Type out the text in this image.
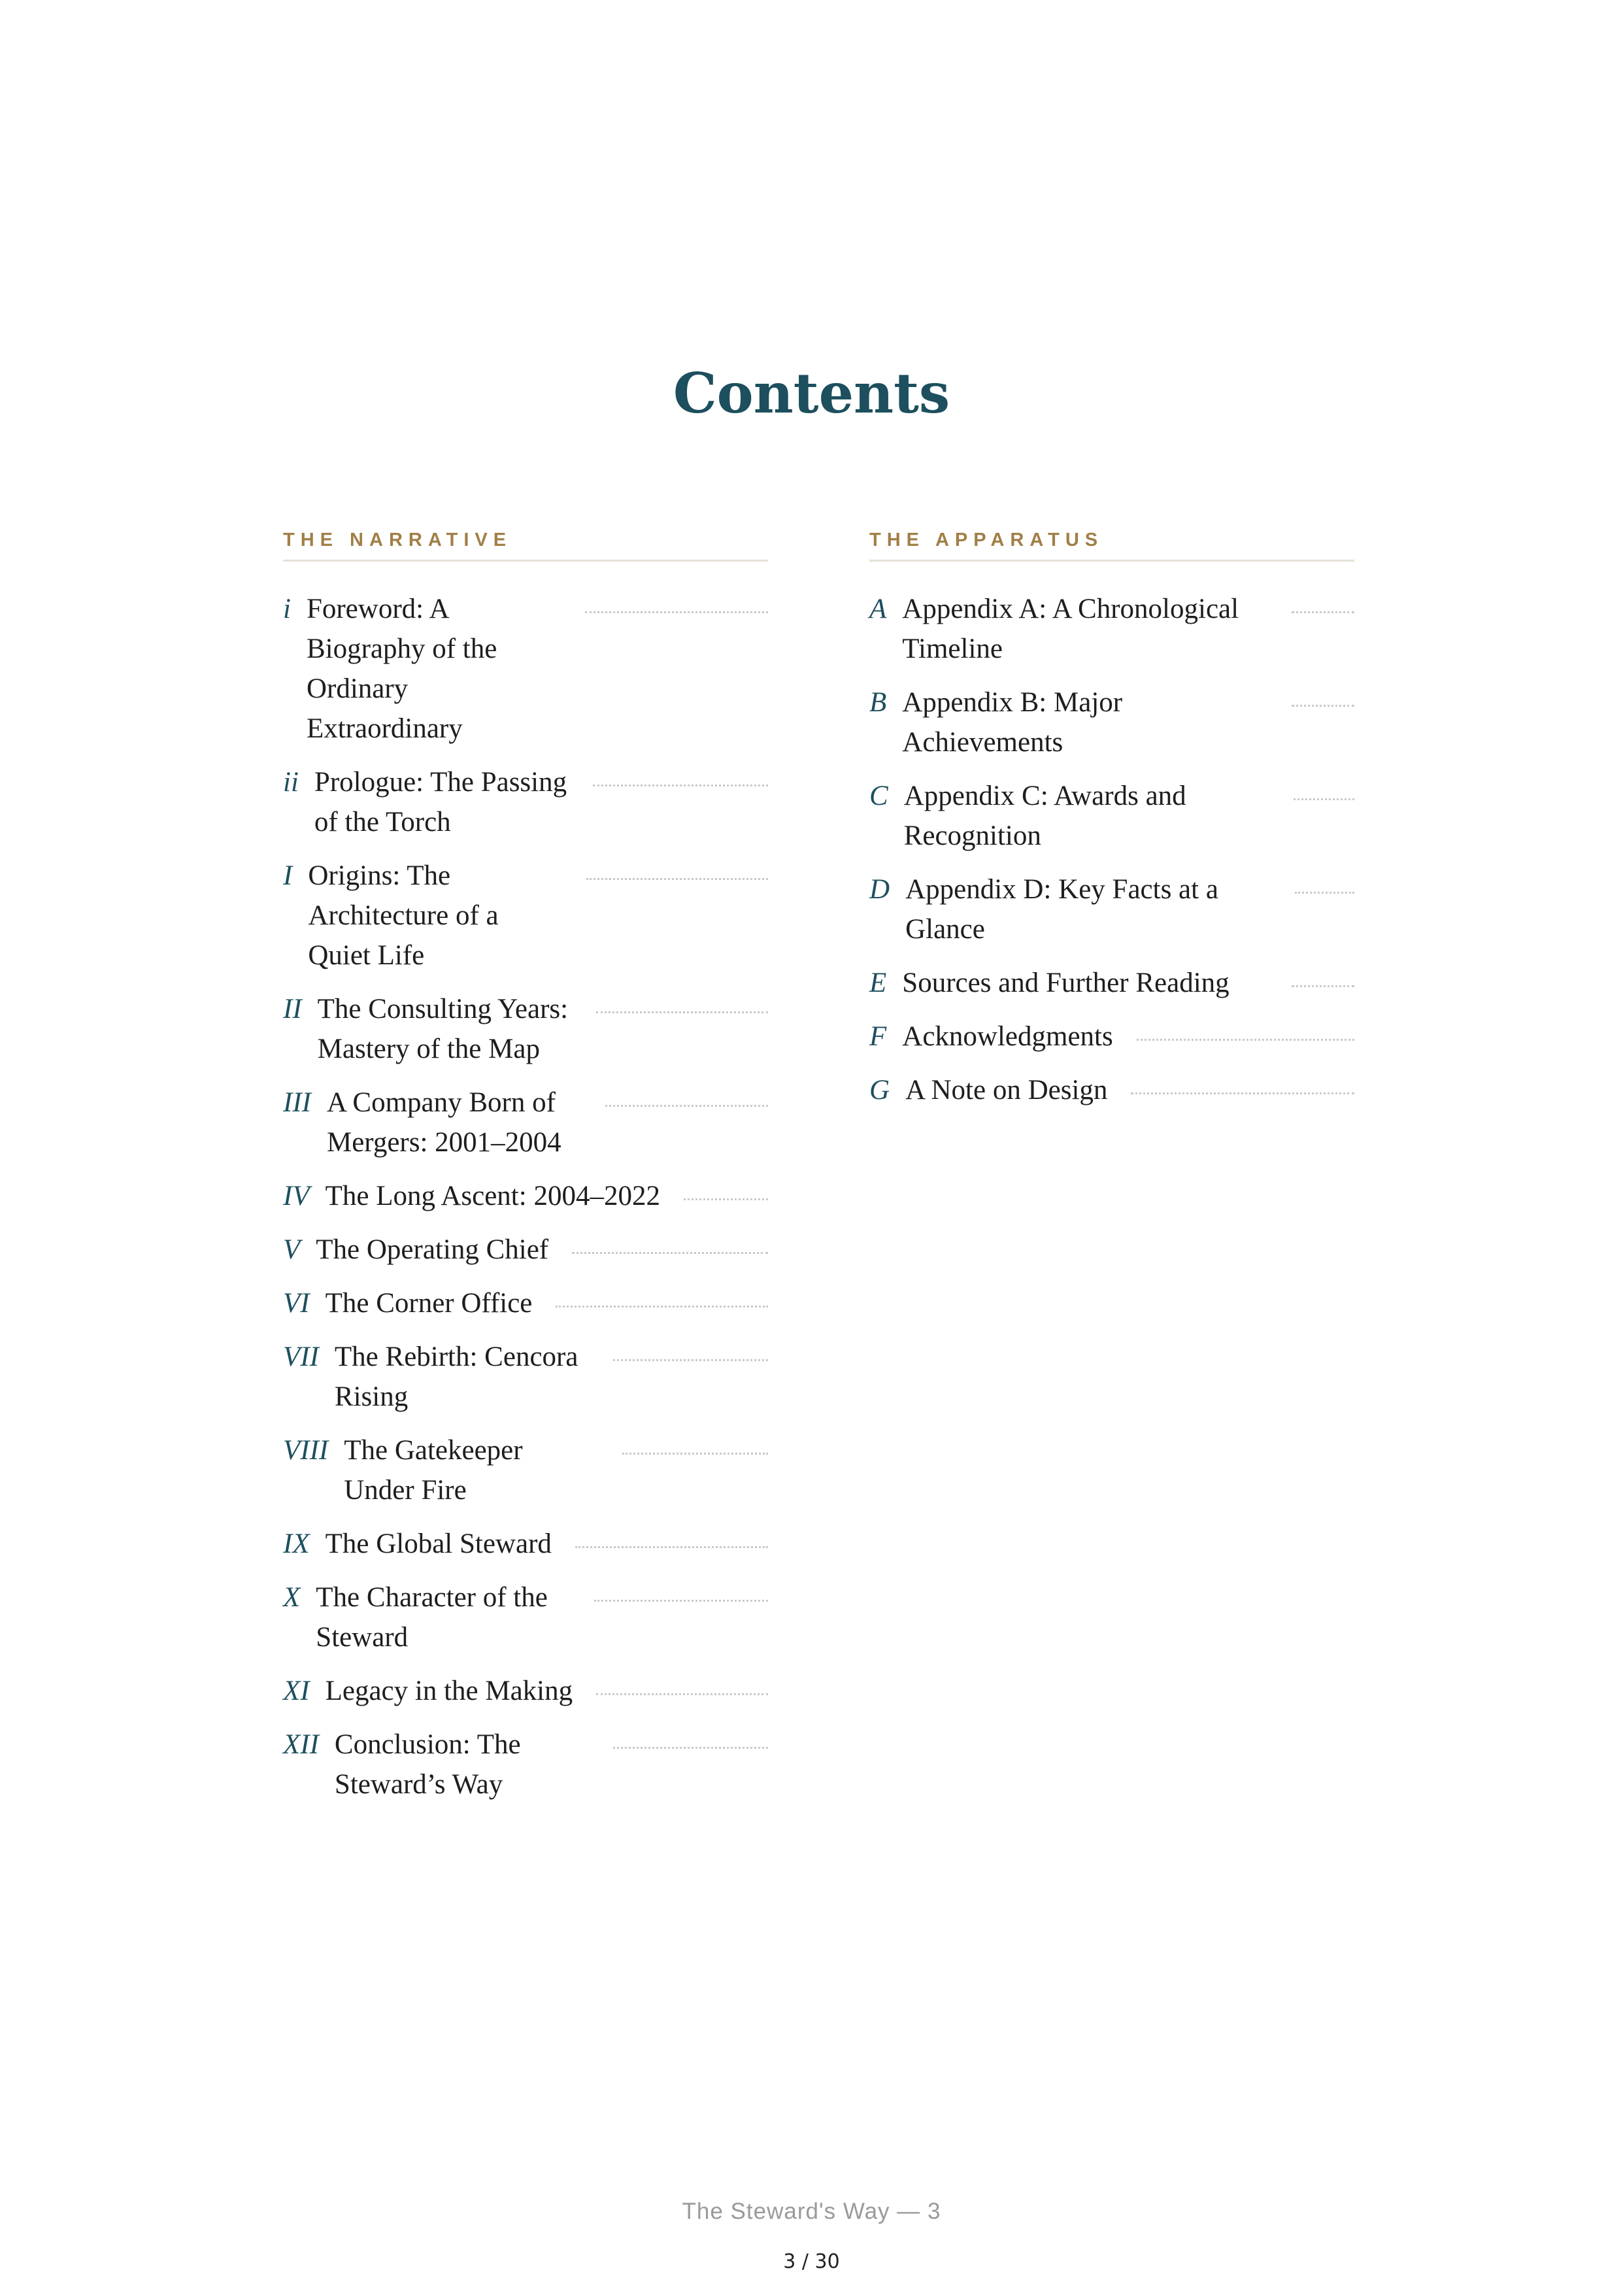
Contents
THE NARRATIVE
i Foreword: A Biography of the Ordinary Extraordinary
ii Prologue: The Passing of the Torch
I Origins: The Architecture of a Quiet Life
II The Consulting Years: Mastery of the Map
III A Company Born of Mergers: 2001–2004
IV The Long Ascent: 2004–2022
V The Operating Chief
VI The Corner Office
VII The Rebirth: Cencora Rising
VIII The Gatekeeper Under Fire
IX The Global Steward
X The Character of the Steward
XI Legacy in the Making
XII Conclusion: The Steward’s Way
THE APPARATUS
A Appendix A: A Chronological Timeline
B Appendix B: Major Achievements
C Appendix C: Awards and Recognition
D Appendix D: Key Facts at a Glance
E Sources and Further Reading
F Acknowledgments
G A Note on Design
The Steward's Way — 3
3 / 30
